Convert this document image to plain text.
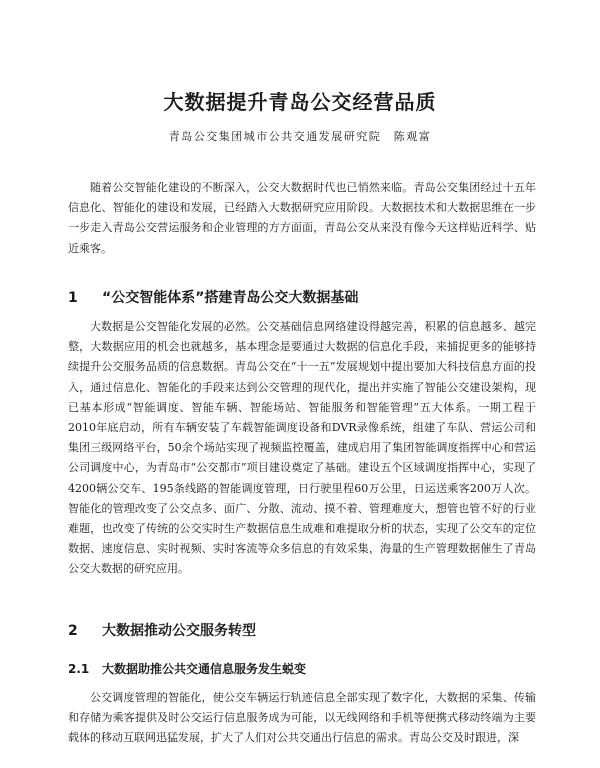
大数据提升青岛公交经营品质
青岛公交集团城市公共交通发展研究院　陈观富

随着公交智能化建设的不断深入，公交大数据时代也已悄然来临。青岛公交集团经过十五年信息化、智能化的建设和发展，已经踏入大数据研究应用阶段。大数据技术和大数据思维在一步一步走入青岛公交营运服务和企业管理的方方面面，青岛公交从来没有像今天这样贴近科学、贴近乘客。

1 “公交智能体系”搭建青岛公交大数据基础

大数据是公交智能化发展的必然。公交基础信息网络建设得越完善，积累的信息越多、越完整，大数据应用的机会也就越多，基本理念是要通过大数据的信息化手段，来捕捉更多的能够持续提升公交服务品质的信息数据。青岛公交在“十一五”发展规划中提出要加大科技信息方面的投入，通过信息化、智能化的手段来达到公交管理的现代化，提出并实施了智能公交建设架构，现已基本形成“智能调度、智能车辆、智能场站、智能服务和智能管理”五大体系。一期工程于2010年底启动，所有车辆安装了车载智能调度设备和DVR录像系统，组建了车队、营运公司和集团三级网络平台，50余个场站实现了视频监控覆盖，建成启用了集团智能调度指挥中心和营运公司调度中心，为青岛市“公交都市”项目建设奠定了基础。建设五个区域调度指挥中心，实现了4200辆公交车、195条线路的智能调度管理，日行驶里程60万公里，日运送乘客200万人次。智能化的管理改变了公交点多、面广、分散、流动、摸不着、管理难度大，想管也管不好的行业难题，也改变了传统的公交实时生产数据信息生成难和难提取分析的状态，实现了公交车的定位数据、速度信息、实时视频、实时客流等众多信息的有效采集，海量的生产管理数据催生了青岛公交大数据的研究应用。

2 大数据推动公交服务转型
2.1 大数据助推公共交通信息服务发生蜕变

公交调度管理的智能化，使公交车辆运行轨迹信息全部实现了数字化，大数据的采集、传输和存储为乘客提供及时公交运行信息服务成为可能，以无线网络和手机等便携式移动终端为主要载体的移动互联网迅猛发展，扩大了人们对公共交通出行信息的需求。青岛公交及时跟进，深
